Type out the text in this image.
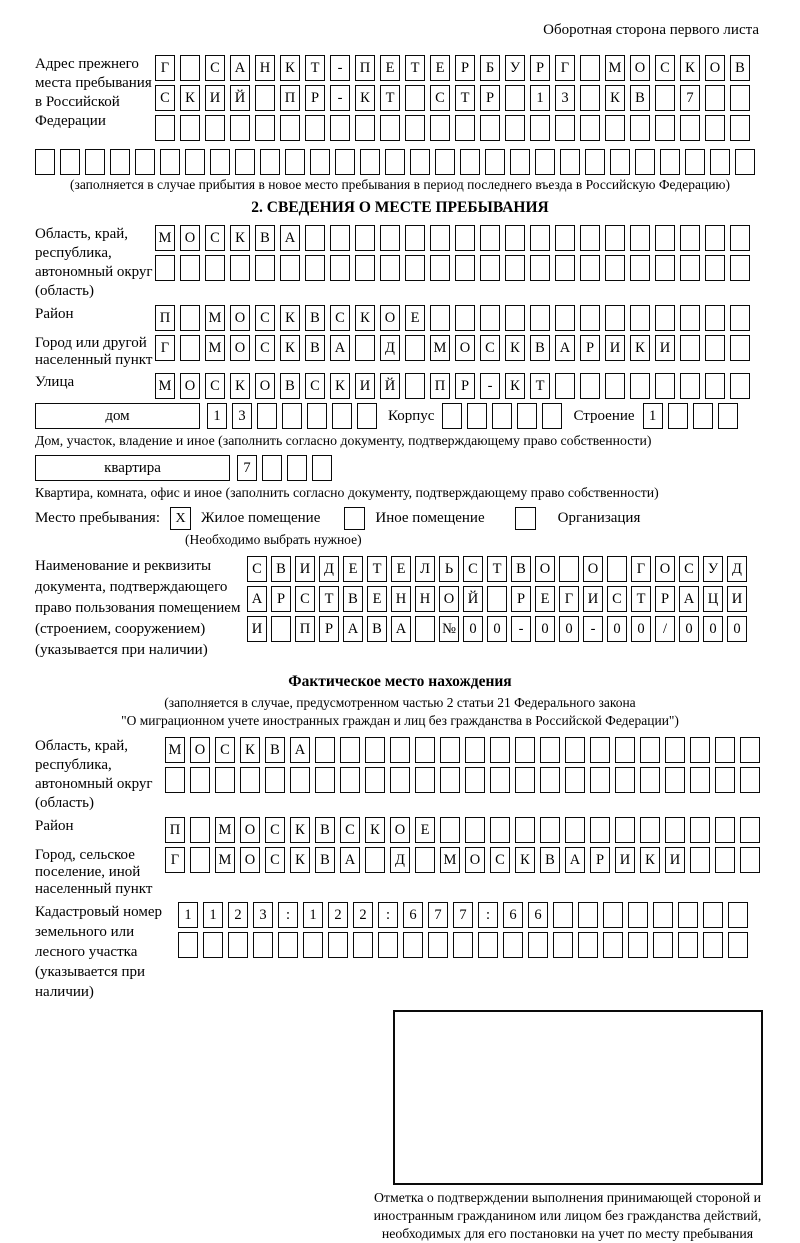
Оборотная сторона первого листа
Адрес прежнего места пребывания в Российской Федерации
Г	С	А	Н	К	Т	-	П	Е	Т	Е	Р	Б	У	Р	Г	М О	С	К	О	В
С	К	И	Й	П	Р	-	К	Т	С	Т	Р	1	3	К	В	7
(заполняется в случае прибытия в новое место пребывания в период последнего въезда в Российскую Федерацию)
2. СВЕДЕНИЯ О МЕСТЕ ПРЕБЫВАНИЯ
Область, край, республика, автономный округ (область)
М О	С	К	В	А
Район	П	М О	С	К	В	С	К	О	Е
Город или другой населенный пункт
Г	М О	С	К	В	А	Д	М О	С	К	В	А	Р	И	К	И
Улица	М О	С	К	О	В	С	К	И	Й	П	Р	-	К	Т
дом	1	3	Корпус	Строение 1
Дом, участок, владение и иное (заполнить согласно документу, подтверждающему право собственности)
квартира	7
Квартира, комната, офис и иное (заполнить согласно документу, подтверждающему право собственности)
Место пребывания:	X	Жилое помещение	Иное помещение	Организация
(Необходимо выбрать нужное)
Наименование и реквизиты документа, подтверждающего право пользования помещением (строением, сооружением) (указывается при наличии)
С В И Д	Е	Т	Е	Л	Ь	С	Т	В О	О	Г	О С У Д
А	Р	С	Т	В	Е Н Н О Й	Р	Е	Г	И С	Т	Р	А Ц И
И	П	Р	А В А	№ 0	0	-	0	0	-	0	0	/	0	0	0
Фактическое место нахождения
(заполняется в случае, предусмотренном частью 2 статьи 21 Федерального закона
"О миграционном учете иностранных граждан и лиц без гражданства в Российской Федерации")
Область, край, республика, автономный округ (область)
М О	С	К	В	А
Район	П	М О	С	К	В	С	К	О	Е
Город, сельское поселение, иной населенный пункт
Г	М О	С	К	В	А	Д	М О	С	К	В	А	Р	И	К	И
Кадастровый номер земельного или лесного участка (указывается при наличии)
1	1	2	3	:	1	2	2	:	6	7	7	:	6	6
Отметка о подтверждении выполнения принимающей стороной и иностранным гражданином или лицом без гражданства действий, необходимых для его постановки на учет по месту пребывания
